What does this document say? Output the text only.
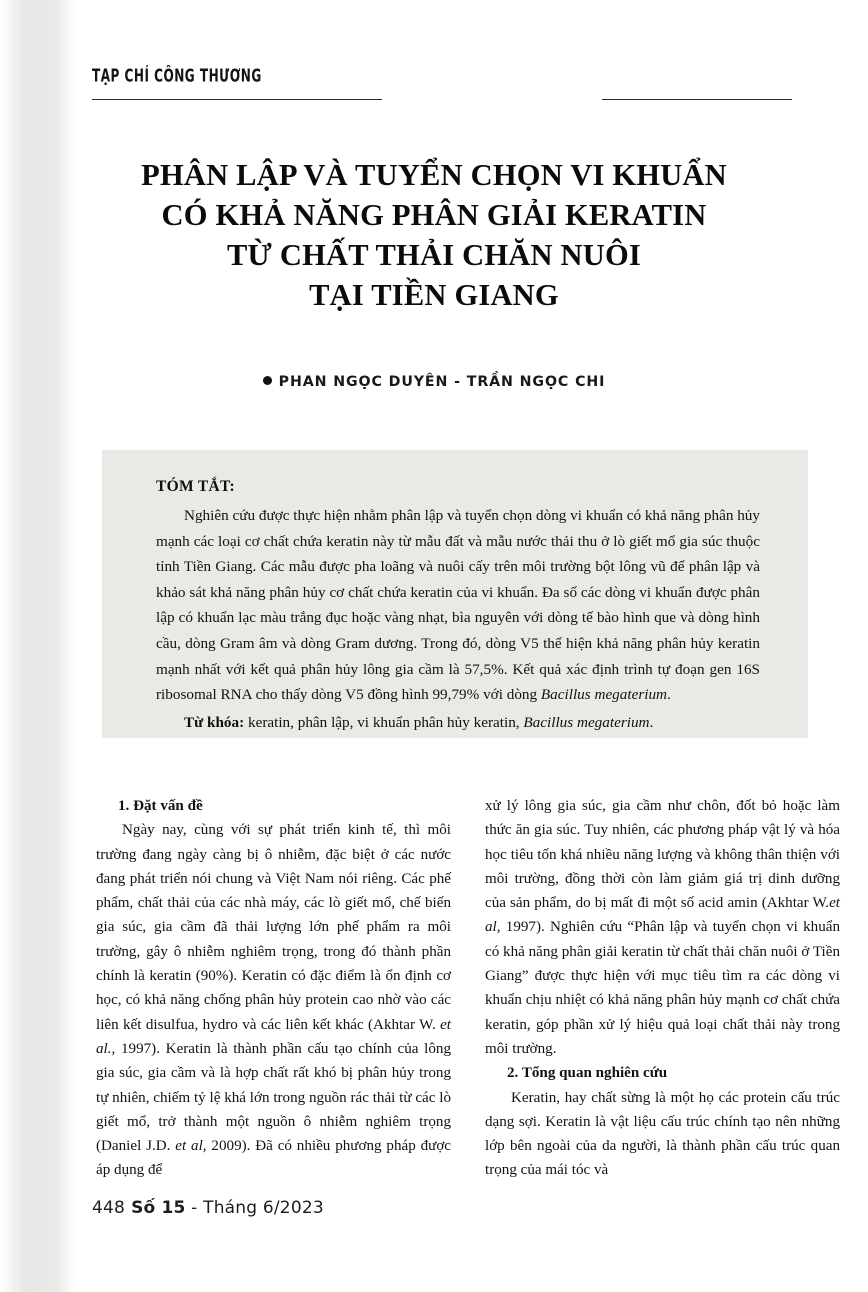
TẠP CHÍ CÔNG THƯƠNG
PHÂN LẬP VÀ TUYỂN CHỌN VI KHUẨN
CÓ KHẢ NĂNG PHÂN GIẢI KERATIN
TỪ CHẤT THẢI CHĂN NUÔI
TẠI TIỀN GIANG
PHAN NGỌC DUYÊN - TRẦN NGỌC CHI
TÓM TẮT:
Nghiên cứu được thực hiện nhằm phân lập và tuyển chọn dòng vi khuẩn có khả năng phân hủy mạnh các loại cơ chất chứa keratin này từ mẫu đất và mẫu nước thải thu ở lò giết mổ gia súc thuộc tỉnh Tiền Giang. Các mẫu được pha loãng và nuôi cấy trên môi trường bột lông vũ để phân lập và khảo sát khả năng phân hủy cơ chất chứa keratin của vi khuẩn. Đa số các dòng vi khuẩn được phân lập có khuẩn lạc màu trắng đục hoặc vàng nhạt, bìa nguyên với dòng tế bào hình que và dòng hình cầu, dòng Gram âm và dòng Gram dương. Trong đó, dòng V5 thể hiện khả năng phân hủy keratin mạnh nhất với kết quả phân hủy lông gia cầm là 57,5%. Kết quả xác định trình tự đoạn gen 16S ribosomal RNA cho thấy dòng V5 đồng hình 99,79% với dòng Bacillus megaterium.
Từ khóa: keratin, phân lập, vi khuẩn phân hủy keratin, Bacillus megaterium.
1. Đặt vấn đề

Ngày nay, cùng với sự phát triển kinh tế, thì môi trường đang ngày càng bị ô nhiễm, đặc biệt ở các nước đang phát triển nói chung và Việt Nam nói riêng. Các phế phẩm, chất thải của các nhà máy, các lò giết mổ, chế biến gia súc, gia cầm đã thải lượng lớn phế phẩm ra môi trường, gây ô nhiễm nghiêm trọng, trong đó thành phần chính là keratin (90%). Keratin có đặc điểm là ổn định cơ học, có khả năng chống phân hủy protein cao nhờ vào các liên kết disulfua, hydro và các liên kết khác (Akhtar W. et al., 1997). Keratin là thành phần cấu tạo chính của lông gia súc, gia cầm và là hợp chất rất khó bị phân hủy trong tự nhiên, chiếm tỷ lệ khá lớn trong nguồn rác thải từ các lò giết mổ, trở thành một nguồn ô nhiễm nghiêm trọng (Daniel J.D. et al, 2009). Đã có nhiều phương pháp được áp dụng để

xử lý lông gia súc, gia cầm như chôn, đốt bỏ hoặc làm thức ăn gia súc. Tuy nhiên, các phương pháp vật lý và hóa học tiêu tốn khá nhiều năng lượng và không thân thiện với môi trường, đồng thời còn làm giảm giá trị dinh dưỡng của sản phẩm, do bị mất đi một số acid amin (Akhtar W.et al, 1997). Nghiên cứu “Phân lập và tuyển chọn vi khuẩn có khả năng phân giải keratin từ chất thải chăn nuôi ở Tiền Giang” được thực hiện với mục tiêu tìm ra các dòng vi khuẩn chịu nhiệt có khả năng phân hủy mạnh cơ chất chứa keratin, góp phần xử lý hiệu quả loại chất thải này trong môi trường.

2. Tổng quan nghiên cứu

Keratin, hay chất sừng là một họ các protein cấu trúc dạng sợi. Keratin là vật liệu cấu trúc chính tạo nên những lớp bên ngoài của da người, là thành phần cấu trúc quan trọng của mái tóc và

448 Số 15 - Tháng 6/2023
